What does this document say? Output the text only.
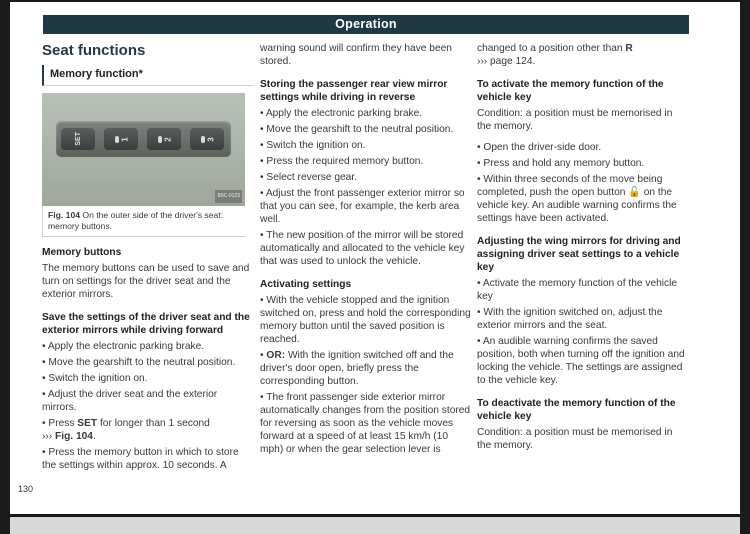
Operation
Seat functions
Memory function*
SET	1	2	3
B5C-0123
Fig. 104 On the outer side of the driver's seat: memory buttons.
Memory buttons

The memory buttons can be used to save and turn on settings for the driver seat and the exterior mirrors.

Save the settings of the driver seat and the exterior mirrors while driving forward
• Apply the electronic parking brake.
• Move the gearshift to the neutral position.
• Switch the ignition on.
• Adjust the driver seat and the exterior mirrors.
• Press SET for longer than 1 second
››› Fig. 104.
• Press the memory button in which to store the settings within approx. 10 seconds. A

warning sound will confirm they have been stored.

Storing the passenger rear view mirror settings while driving in reverse
• Apply the electronic parking brake.
• Move the gearshift to the neutral position.
• Switch the ignition on.
• Press the required memory button.
• Select reverse gear.
• Adjust the front passenger exterior mirror so that you can see, for example, the kerb area well.
• The new position of the mirror will be stored automatically and allocated to the vehicle key that was used to unlock the vehicle.
Activating settings
• With the vehicle stopped and the ignition switched on, press and hold the corresponding memory button until the saved position is reached.
• OR: With the ignition switched off and the driver's door open, briefly press the corresponding button.
• The front passenger side exterior mirror automatically changes from the position stored for reversing as soon as the vehicle moves forward at a speed of at least 15 km/h (10 mph) or when the gear selection lever is

changed to a position other than R
››› page 124.

To activate the memory function of the vehicle key

Condition: a position must be memorised in the memory.

• Open the driver-side door.
• Press and hold any memory button.
• Within three seconds of the move being completed, push the open button 🔓 on the vehicle key. An audible warning confirms the settings have been activated.
Adjusting the wing mirrors for driving and assigning driver seat settings to a vehicle key
• Activate the memory function of the vehicle key
• With the ignition switched on, adjust the exterior mirrors and the seat.
• An audible warning confirms the saved position, both when turning off the ignition and locking the vehicle. The settings are assigned to the vehicle key.
To deactivate the memory function of the vehicle key

Condition: a position must be memorised in the memory.

130
